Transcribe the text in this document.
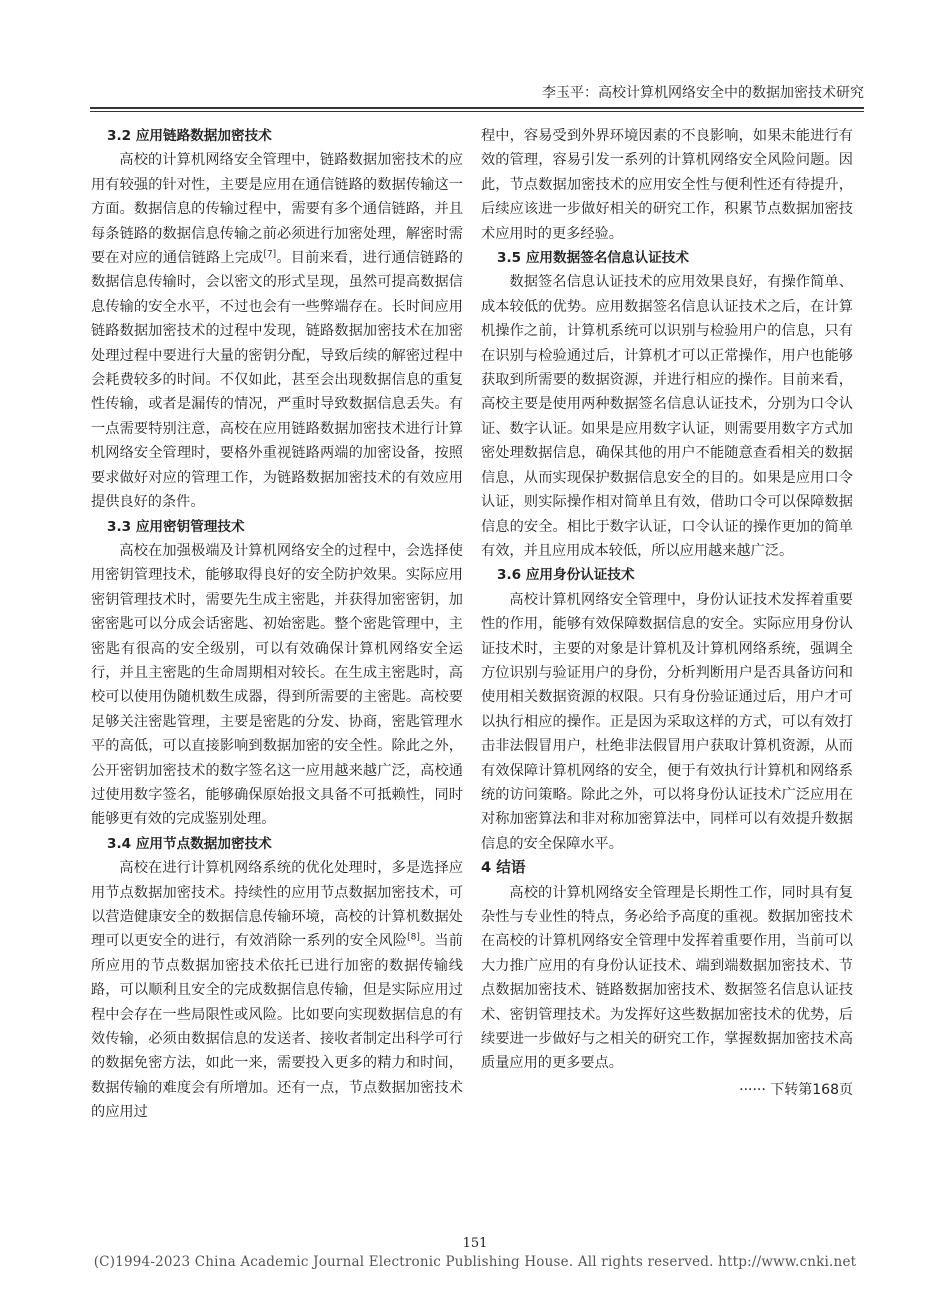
李玉平：高校计算机网络安全中的数据加密技术研究

3.2 应用链路数据加密技术

高校的计算机网络安全管理中，链路数据加密技术的应用有较强的针对性，主要是应用在通信链路的数据传输这一方面。数据信息的传输过程中，需要有多个通信链路，并且每条链路的数据信息传输之前必须进行加密处理，解密时需要在对应的通信链路上完成[7]。目前来看，进行通信链路的数据信息传输时，会以密文的形式呈现，虽然可提高数据信息传输的安全水平，不过也会有一些弊端存在。长时间应用链路数据加密技术的过程中发现，链路数据加密技术在加密处理过程中要进行大量的密钥分配，导致后续的解密过程中会耗费较多的时间。不仅如此，甚至会出现数据信息的重复性传输，或者是漏传的情况，严重时导致数据信息丢失。有一点需要特别注意，高校在应用链路数据加密技术进行计算机网络安全管理时，要格外重视链路两端的加密设备，按照要求做好对应的管理工作，为链路数据加密技术的有效应用提供良好的条件。

3.3 应用密钥管理技术

高校在加强极端及计算机网络安全的过程中，会选择使用密钥管理技术，能够取得良好的安全防护效果。实际应用密钥管理技术时，需要先生成主密匙，并获得加密密钥，加密密匙可以分成会话密匙、初始密匙。整个密匙管理中，主密匙有很高的安全级别，可以有效确保计算机网络安全运行，并且主密匙的生命周期相对较长。在生成主密匙时，高校可以使用伪随机数生成器，得到所需要的主密匙。高校要足够关注密匙管理，主要是密匙的分发、协商，密匙管理水平的高低，可以直接影响到数据加密的安全性。除此之外，公开密钥加密技术的数字签名这一应用越来越广泛，高校通过使用数字签名，能够确保原始报文具备不可抵赖性，同时能够更有效的完成鉴别处理。

3.4 应用节点数据加密技术

高校在进行计算机网络系统的优化处理时，多是选择应用节点数据加密技术。持续性的应用节点数据加密技术，可以营造健康安全的数据信息传输环境，高校的计算机数据处理可以更安全的进行，有效消除一系列的安全风险[8]。当前所应用的节点数据加密技术依托已进行加密的数据传输线路，可以顺利且安全的完成数据信息传输，但是实际应用过程中会存在一些局限性或风险。比如要向实现数据信息的有效传输，必须由数据信息的发送者、接收者制定出科学可行的数据免密方法，如此一来，需要投入更多的精力和时间，数据传输的难度会有所增加。还有一点，节点数据加密技术的应用过

程中，容易受到外界环境因素的不良影响，如果未能进行有效的管理，容易引发一系列的计算机网络安全风险问题。因此，节点数据加密技术的应用安全性与便利性还有待提升，后续应该进一步做好相关的研究工作，积累节点数据加密技术应用时的更多经验。

3.5 应用数据签名信息认证技术

数据签名信息认证技术的应用效果良好，有操作简单、成本较低的优势。应用数据签名信息认证技术之后，在计算机操作之前，计算机系统可以识别与检验用户的信息，只有在识别与检验通过后，计算机才可以正常操作，用户也能够获取到所需要的数据资源，并进行相应的操作。目前来看，高校主要是使用两种数据签名信息认证技术，分别为口令认证、数字认证。如果是应用数字认证，则需要用数字方式加密处理数据信息，确保其他的用户不能随意查看相关的数据信息，从而实现保护数据信息安全的目的。如果是应用口令认证，则实际操作相对简单且有效，借助口令可以保障数据信息的安全。相比于数字认证，口令认证的操作更加的简单有效，并且应用成本较低，所以应用越来越广泛。

3.6 应用身份认证技术

高校计算机网络安全管理中，身份认证技术发挥着重要性的作用，能够有效保障数据信息的安全。实际应用身份认证技术时，主要的对象是计算机及计算机网络系统，强调全方位识别与验证用户的身份，分析判断用户是否具备访问和使用相关数据资源的权限。只有身份验证通过后，用户才可以执行相应的操作。正是因为采取这样的方式，可以有效打击非法假冒用户，杜绝非法假冒用户获取计算机资源，从而有效保障计算机网络的安全，便于有效执行计算机和网络系统的访问策略。除此之外，可以将身份认证技术广泛应用在对称加密算法和非对称加密算法中，同样可以有效提升数据信息的安全保障水平。

4 结语

高校的计算机网络安全管理是长期性工作，同时具有复杂性与专业性的特点，务必给予高度的重视。数据加密技术在高校的计算机网络安全管理中发挥着重要作用，当前可以大力推广应用的有身份认证技术、端到端数据加密技术、节点数据加密技术、链路数据加密技术、数据签名信息认证技术、密钥管理技术。为发挥好这些数据加密技术的优势，后续要进一步做好与之相关的研究工作，掌握数据加密技术高质量应用的更多要点。

······ 下转第168页
151
(C)1994-2023 China Academic Journal Electronic Publishing House. All rights reserved. http://www.cnki.net
